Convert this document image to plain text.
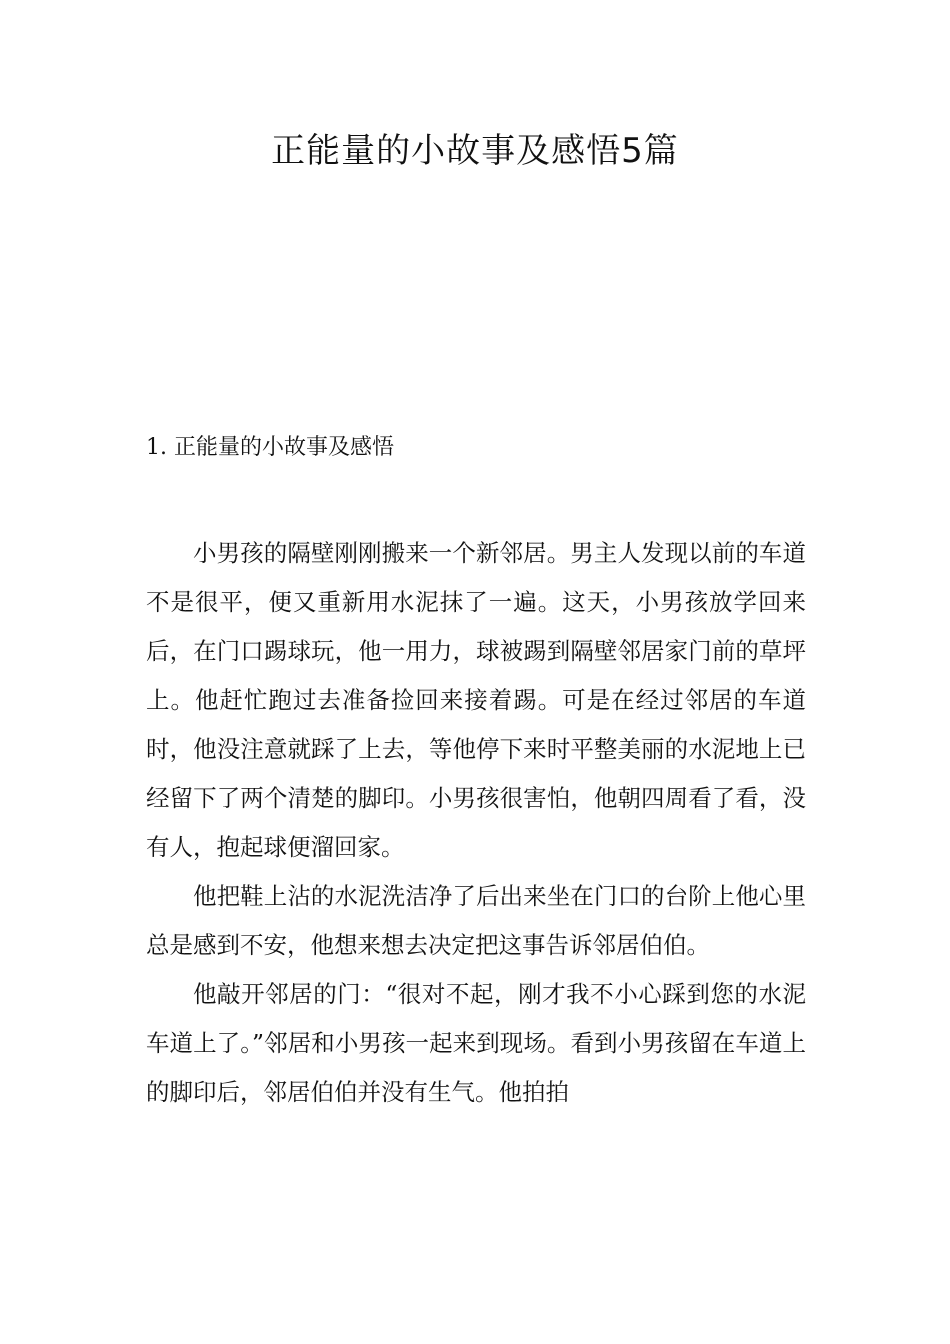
正能量的小故事及感悟5篇
1. 正能量的小故事及感悟

小男孩的隔壁刚刚搬来一个新邻居。男主人发现以前的车道不是很平，便又重新用水泥抹了一遍。这天，小男孩放学回来后，在门口踢球玩，他一用力，球被踢到隔壁邻居家门前的草坪上。他赶忙跑过去准备捡回来接着踢。可是在经过邻居的车道时，他没注意就踩了上去，等他停下来时平整美丽的水泥地上已经留下了两个清楚的脚印。小男孩很害怕，他朝四周看了看，没有人，抱起球便溜回家。

他把鞋上沾的水泥洗洁净了后出来坐在门口的台阶上他心里总是感到不安，他想来想去决定把这事告诉邻居伯伯。

他敲开邻居的门：“很对不起，刚才我不小心踩到您的水泥车道上了。”邻居和小男孩一起来到现场。看到小男孩留在车道上的脚印后，邻居伯伯并没有生气。他拍拍
